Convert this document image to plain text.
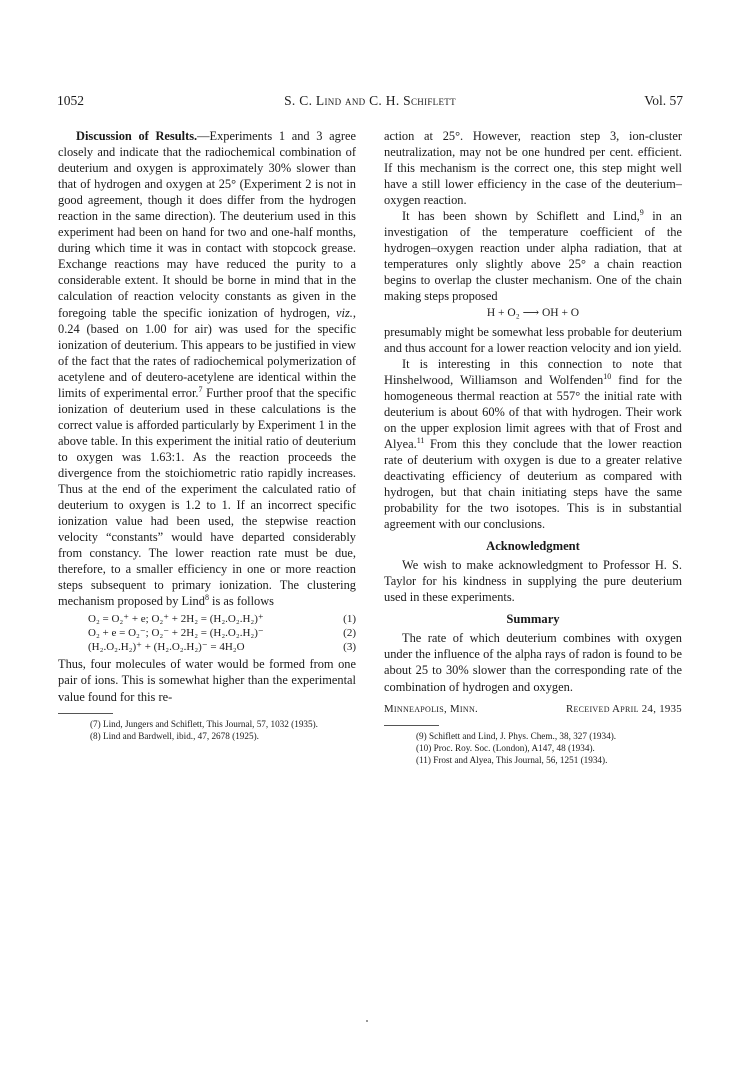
1052	S. C. Lind and C. H. Schiflett	Vol. 57

Discussion of Results.—Experiments 1 and 3 agree closely and indicate that the radiochemical combination of deuterium and oxygen is approximately 30% slower than that of hydrogen and oxygen at 25° (Experiment 2 is not in good agreement, though it does differ from the hydrogen reaction in the same direction). The deuterium used in this experiment had been on hand for two and one-half months, during which time it was in contact with stopcock grease. Exchange reactions may have reduced the purity to a considerable extent. It should be borne in mind that in the calculation of reaction velocity constants as given in the foregoing table the specific ionization of hydrogen, viz., 0.24 (based on 1.00 for air) was used for the specific ionization of deuterium. This appears to be justified in view of the fact that the rates of radiochemical polymerization of acetylene and of deutero-acetylene are identical within the limits of experimental error.$^7$ Further proof that the specific ionization of deuterium used in these calculations is the correct value is afforded particularly by Experiment 1 in the above table. In this experiment the initial ratio of deuterium to oxygen was 1.63:1. As the reaction proceeds the divergence from the stoichiometric ratio rapidly increases. Thus at the end of the experiment the calculated ratio of deuterium to oxygen is 1.2 to 1. If an incorrect specific ionization value had been used, the stepwise reaction velocity “constants” would have departed considerably from constancy. The lower reaction rate must be due, therefore, to a smaller efficiency in one or more reaction steps subsequent to primary ionization. The clustering mechanism proposed by Lind$^8$ is as follows

O₂ = O₂⁺ + e; O₂⁺ + 2H₂ = (H₂.O₂.H₂)⁺	(1)
O₂ + e = O₂⁻; O₂⁻ + 2H₂ = (H₂.O₂.H₂)⁻	(2)
(H₂.O₂.H₂)⁺ + (H₂.O₂.H₂)⁻ = 4H₂O	(3)

Thus, four molecules of water would be formed from one pair of ions. This is somewhat higher than the experimental value found for this re-

(7) Lind, Jungers and Schiflett, This Journal, 57, 1032 (1935).

(8) Lind and Bardwell, ibid., 47, 2678 (1925).

action at 25°. However, reaction step 3, ion-cluster neutralization, may not be one hundred per cent. efficient. If this mechanism is the correct one, this step might well have a still lower efficiency in the case of the deuterium–oxygen reaction.

It has been shown by Schiflett and Lind,$^9$ in an investigation of the temperature coefficient of the hydrogen–oxygen reaction under alpha radiation, that at temperatures only slightly above 25° a chain reaction begins to overlap the cluster mechanism. One of the chain making steps proposed

H + O₂ ⟶ OH + O

presumably might be somewhat less probable for deuterium and thus account for a lower reaction velocity and ion yield.

It is interesting in this connection to note that Hinshelwood, Williamson and Wolfenden$^{10}$ find for the homogeneous thermal reaction at 557° the initial rate with deuterium is about 60% of that with hydrogen. Their work on the upper explosion limit agrees with that of Frost and Alyea.$^{11}$ From this they conclude that the lower reaction rate of deuterium with oxygen is due to a greater relative deactivating efficiency of deuterium as compared with hydrogen, but that chain initiating steps have the same probability for the two isotopes. This is in substantial agreement with our conclusions.

Acknowledgment

We wish to make acknowledgment to Professor H. S. Taylor for his kindness in supplying the pure deuterium used in these experiments.

Summary

The rate of which deuterium combines with oxygen under the influence of the alpha rays of radon is found to be about 25 to 30% slower than the corresponding rate of the combination of hydrogen and oxygen.

Minneapolis, Minn.	Received April 24, 1935

(9) Schiflett and Lind, J. Phys. Chem., 38, 327 (1934).

(10) Proc. Roy. Soc. (London), A147, 48 (1934).

(11) Frost and Alyea, This Journal, 56, 1251 (1934).
